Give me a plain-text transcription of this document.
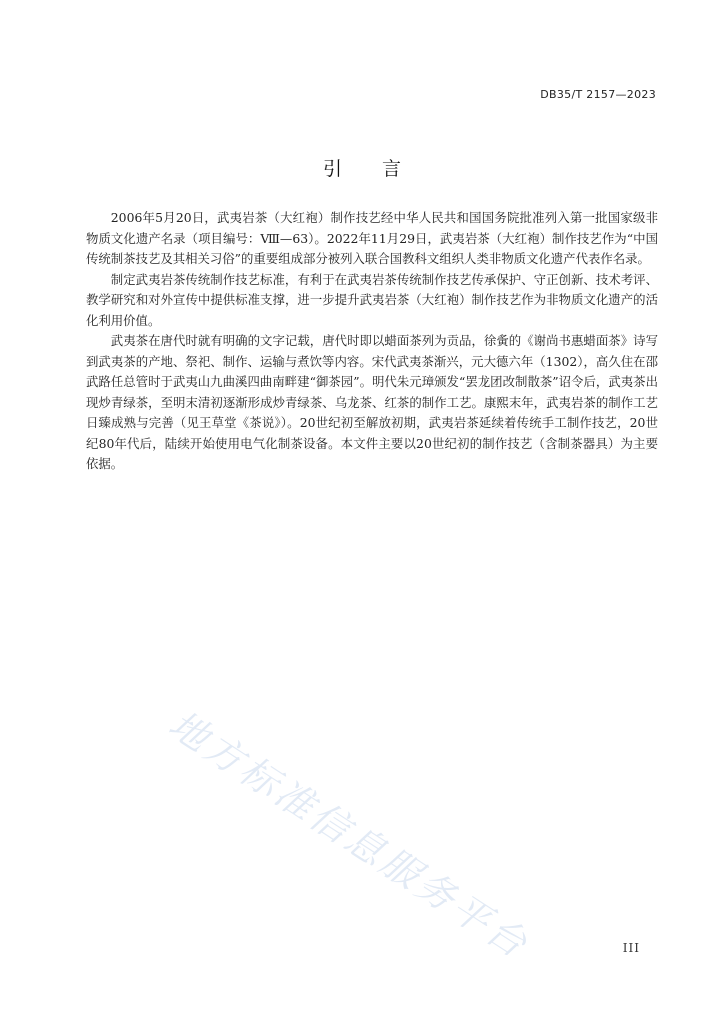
DB35/T 2157—2023
引言

2006年5月20日，武夷岩茶（大红袍）制作技艺经中华人民共和国国务院批准列入第一批国家级非物质文化遗产名录（项目编号：Ⅷ—63）。2022年11月29日，武夷岩茶（大红袍）制作技艺作为“中国传统制茶技艺及其相关习俗”的重要组成部分被列入联合国教科文组织人类非物质文化遗产代表作名录。

制定武夷岩茶传统制作技艺标准，有利于在武夷岩茶传统制作技艺传承保护、守正创新、技术考评、教学研究和对外宣传中提供标准支撑，进一步提升武夷岩茶（大红袍）制作技艺作为非物质文化遗产的活化利用价值。

武夷茶在唐代时就有明确的文字记载，唐代时即以蜡面茶列为贡品，徐夤的《谢尚书惠蜡面茶》诗写到武夷茶的产地、祭祀、制作、运输与煮饮等内容。宋代武夷茶渐兴，元大德六年（1302），高久住在邵武路任总管时于武夷山九曲溪四曲南畔建“御茶园”。明代朱元璋颁发“罢龙团改制散茶”诏令后，武夷茶出现炒青绿茶，至明末清初逐渐形成炒青绿茶、乌龙茶、红茶的制作工艺。康熙末年，武夷岩茶的制作工艺日臻成熟与完善（见王草堂《茶说》）。20世纪初至解放初期，武夷岩茶延续着传统手工制作技艺，20世纪80年代后，陆续开始使用电气化制茶设备。本文件主要以20世纪初的制作技艺（含制茶器具）为主要依据。

地方标准信息服务平台	III
